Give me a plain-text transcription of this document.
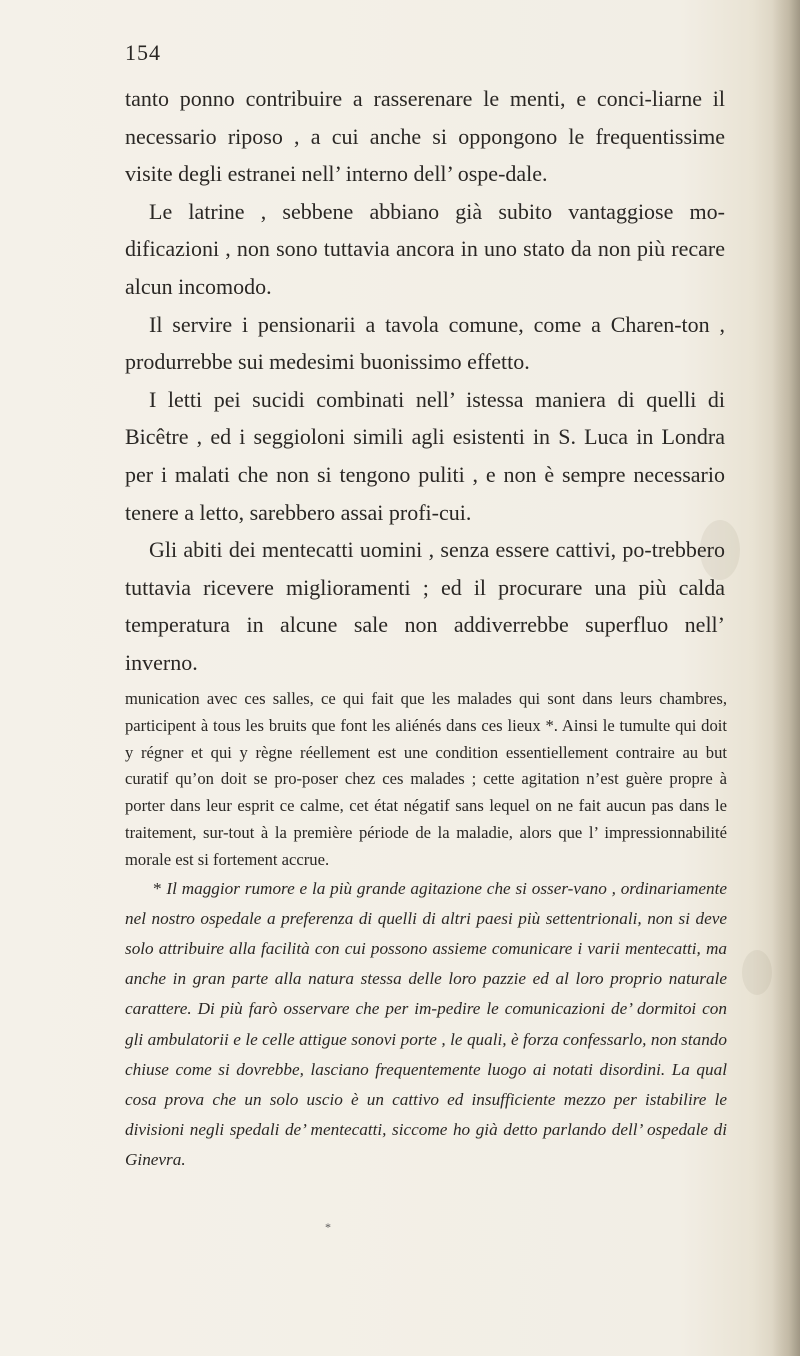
154

tanto ponno contribuire a rasserenare le menti, e conci-liarne il necessario riposo , a cui anche si oppongono le frequentissime visite degli estranei nell’ interno dell’ ospe-dale.

Le latrine , sebbene abbiano già subito vantaggiose mo-dificazioni , non sono tuttavia ancora in uno stato da non più recare alcun incomodo.

Il servire i pensionarii a tavola comune, come a Charen-ton , produrrebbe sui medesimi buonissimo effetto.

I letti pei sucidi combinati nell’ istessa maniera di quelli di Bicêtre , ed i seggioloni simili agli esistenti in S. Luca in Londra per i malati che non si tengono puliti , e non è sempre necessario tenere a letto, sarebbero assai profi-cui.

Gli abiti dei mentecatti uomini , senza essere cattivi, po-trebbero tuttavia ricevere miglioramenti ; ed il procurare una più calda temperatura in alcune sale non addiverrebbe superfluo nell’ inverno.

munication avec ces salles, ce qui fait que les malades qui sont dans leurs chambres, participent à tous les bruits que font les aliénés dans ces lieux *. Ainsi le tumulte qui doit y régner et qui y règne réellement est une condition essentiellement contraire au but curatif qu’on doit se pro-poser chez ces malades ; cette agitation n’est guère propre à porter dans leur esprit ce calme, cet état négatif sans lequel on ne fait aucun pas dans le traitement, sur-tout à la première période de la maladie, alors que l’ impressionnabilité morale est si fortement accrue.

* Il maggior rumore e la più grande agitazione che si osser-vano , ordinariamente nel nostro ospedale a preferenza di quelli di altri paesi più settentrionali, non si deve solo attribuire alla facilità con cui possono assieme comunicare i varii mentecatti, ma anche in gran parte alla natura stessa delle loro pazzie ed al loro proprio naturale carattere. Di più farò osservare che per im-pedire le comunicazioni de’ dormitoi con gli ambulatorii e le celle attigue sonovi porte , le quali, è forza confessarlo, non stando chiuse come si dovrebbe, lasciano frequentemente luogo ai notati disordini. La qual cosa prova che un solo uscio è un cattivo ed insufficiente mezzo per istabilire le divisioni negli spedali de’ mentecatti, siccome ho già detto parlando dell’ ospedale di Ginevra.

*
